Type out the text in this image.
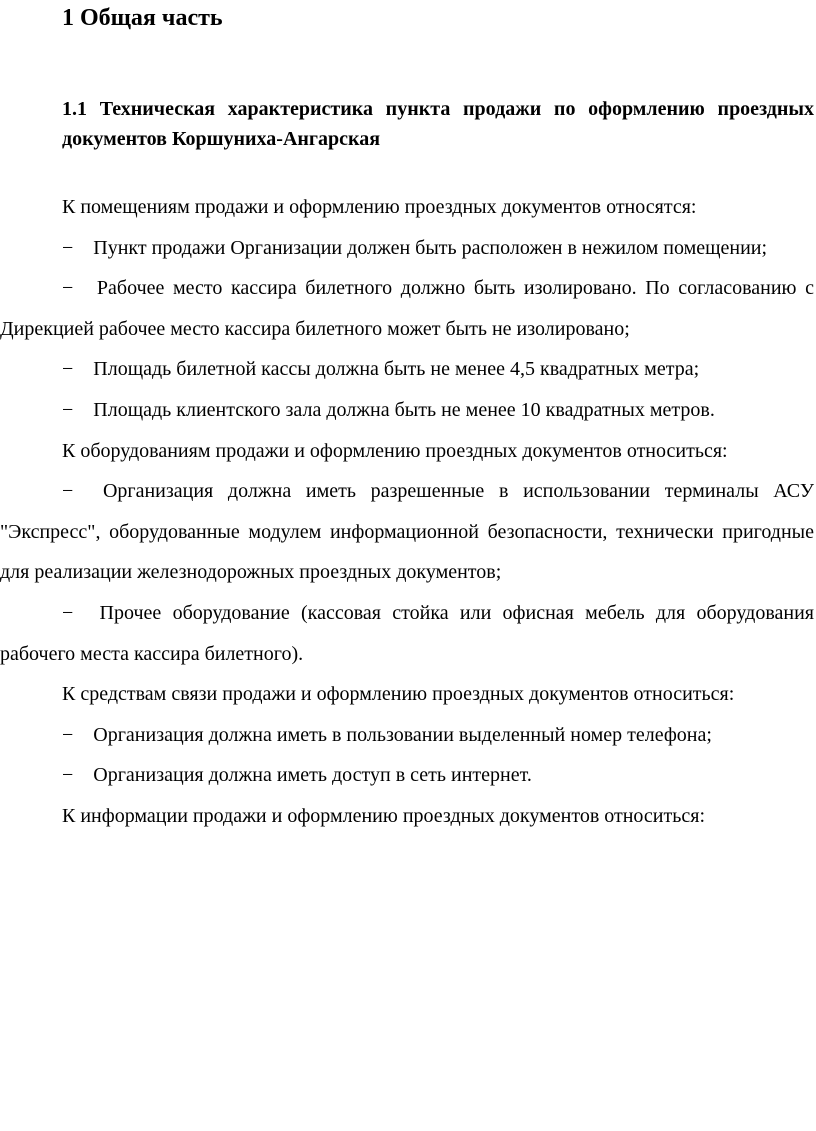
1 Общая часть
1.1 Техническая характеристика пункта продажи по оформлению проездных документов Коршуниха-Ангарская

К помещениям продажи и оформлению проездных документов относятся:

− Пункт продажи Организации должен быть расположен в нежилом помещении;

− Рабочее место кассира билетного должно быть изолировано. По согласованию с Дирекцией рабочее место кассира билетного может быть не изолировано;

− Площадь билетной кассы должна быть не менее 4,5 квадратных метра;

− Площадь клиентского зала должна быть не менее 10 квадратных метров.

К оборудованиям продажи и оформлению проездных документов относиться:

− Организация должна иметь разрешенные в использовании терминалы АСУ "Экспресс", оборудованные модулем информационной безопасности, технически пригодные для реализации железнодорожных проездных документов;

− Прочее оборудование (кассовая стойка или офисная мебель для оборудования рабочего места кассира билетного).

К средствам связи продажи и оформлению проездных документов относиться:

− Организация должна иметь в пользовании выделенный номер телефона;

− Организация должна иметь доступ в сеть интернет.

К информации продажи и оформлению проездных документов относиться:
